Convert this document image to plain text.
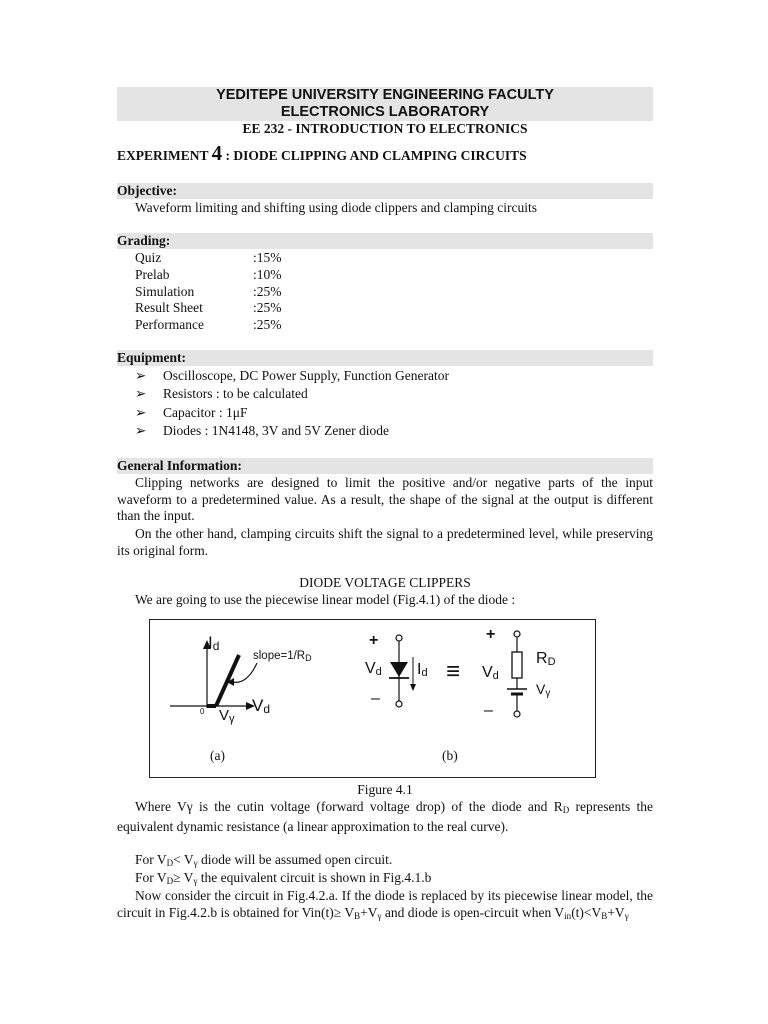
YEDITEPE UNIVERSITY ENGINEERING FACULTY
ELECTRONICS LABORATORY
EE 232 - INTRODUCTION TO ELECTRONICS
EXPERIMENT 4 : DIODE CLIPPING AND CLAMPING CIRCUITS
Objective:
Waveform limiting and shifting using diode clippers and clamping circuits
Grading:
Quiz	:15%
Prelab	:10%
Simulation	:25%
Result Sheet	:25%
Performance	:25%
Equipment:
➢ Oscilloscope, DC Power Supply, Function Generator
➢ Resistors : to be calculated
➢ Capacitor : 1μF
➢ Diodes : 1N4148, 3V and 5V Zener diode
General Information:
Clipping networks are designed to limit the positive and/or negative parts of the input waveform to a predetermined value. As a result, the shape of the signal at the output is different than the input.
On the other hand, clamping circuits shift the signal to a predetermined level, while preserving its original form.
DIODE VOLTAGE CLIPPERS
We are going to use the piecewise linear model (Fig.4.1) of the diode :
$I_d$
$slope=1/R_D$
$V_d$
0 $V_\gamma$
(a)
+
$V_d$
–
$I_d$ ≡
+
$V_d$
–
$R_D$
$V_\gamma$
(b)
Figure 4.1
Where Vγ is the cutin voltage (forward voltage drop) of the diode and $R_D$ represents the equivalent dynamic resistance (a linear approximation to the real curve).
For $V_D< V_\gamma$ diode will be assumed open circuit.
For $V_D\ge V_\gamma$ the equivalent circuit is shown in Fig.4.1.b
Now consider the circuit in Fig.4.2.a. If the diode is replaced by its piecewise linear model, the circuit in Fig.4.2.b is obtained for $Vin(t)\ge V_B+V_\gamma$ and diode is open-circuit when $V_{in}(t)<V_B+V_\gamma$
